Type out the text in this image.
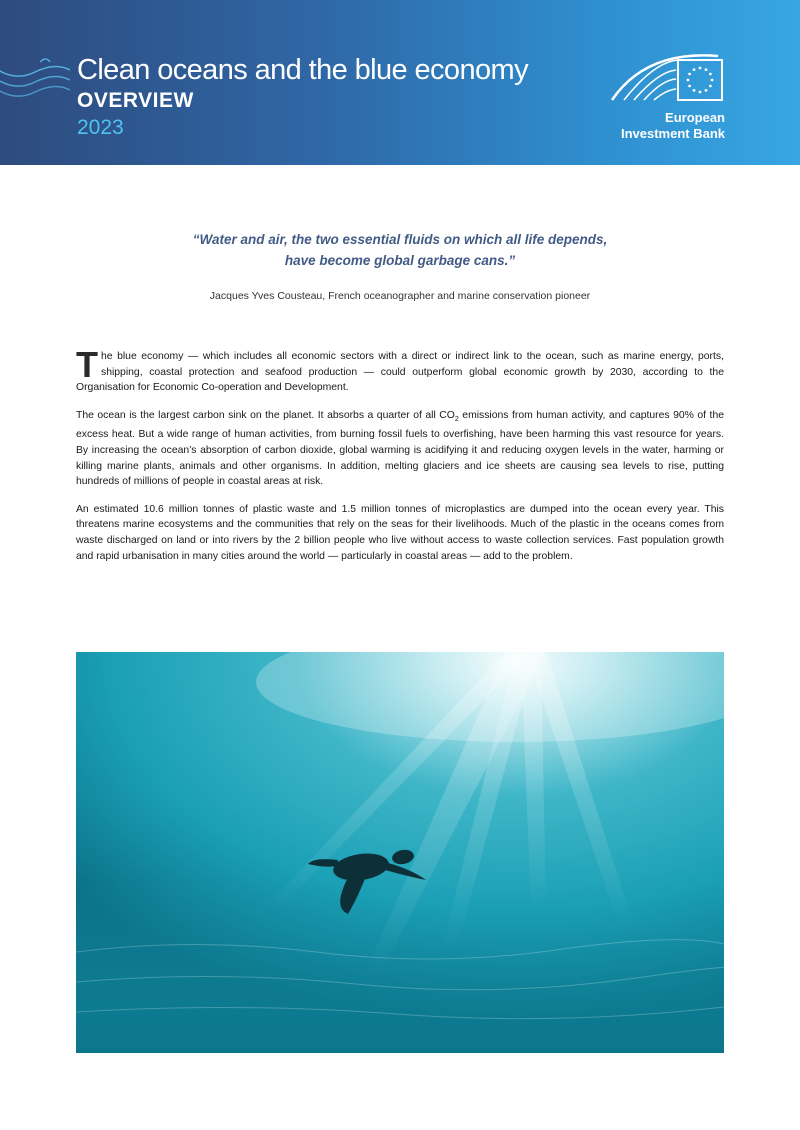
Clean oceans and the blue economy
OVERVIEW
2023	European
Investment Bank
“Water and air, the two essential fluids on which all life depends,
have become global garbage cans.”

Jacques Yves Cousteau, French oceanographer and marine conservation pioneer

The blue economy — which includes all economic sectors with a direct or indirect link to the ocean, such as marine energy, ports, shipping, coastal protection and seafood production — could outperform global economic growth by 2030, according to the Organisation for Economic Co-operation and Development.

The ocean is the largest carbon sink on the planet. It absorbs a quarter of all $CO_2$ emissions from human activity, and captures 90% of the excess heat. But a wide range of human activities, from burning fossil fuels to overfishing, have been harming this vast resource for years. By increasing the ocean’s absorption of carbon dioxide, global warming is acidifying it and reducing oxygen levels in the water, harming or killing marine plants, animals and other organisms. In addition, melting glaciers and ice sheets are causing sea levels to rise, putting hundreds of millions of people in coastal areas at risk.

An estimated 10.6 million tonnes of plastic waste and 1.5 million tonnes of microplastics are dumped into the ocean every year. This threatens marine ecosystems and the communities that rely on the seas for their livelihoods. Much of the plastic in the oceans comes from waste discharged on land or into rivers by the 2 billion people who live without access to waste collection services. Fast population growth and rapid urbanisation in many cities around the world — particularly in coastal areas — add to the problem.
